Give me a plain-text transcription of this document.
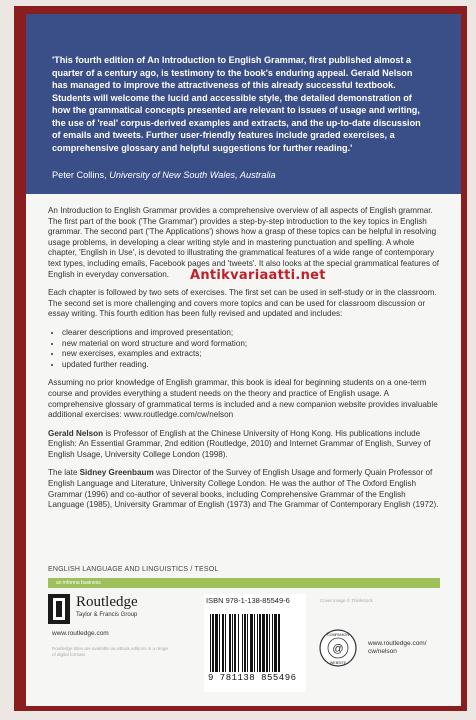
'This fourth edition of An Introduction to English Grammar, first published almost a
quarter of a century ago, is testimony to the book's enduring appeal. Gerald Nelson
has managed to improve the attractiveness of this already successful textbook.
Students will welcome the lucid and accessible style, the detailed demonstration of
how the grammatical concepts presented are relevant to issues of usage and writing,
the use of 'real' corpus-derived examples and extracts, and the up-to-date discussion
of emails and tweets. Further user-friendly features include graded exercises, a
comprehensive glossary and helpful suggestions for further reading.'
Peter Collins, University of New South Wales, Australia

An Introduction to English Grammar provides a comprehensive overview of all aspects of English grammar. The first part of the book ('The Grammar') provides a step-by-step introduction to the key topics in English grammar. The second part ('The Applications') shows how a grasp of these topics can be helpful in resolving usage problems, in developing a clear writing style and in mastering punctuation and spelling. A whole chapter, 'English in Use', is devoted to illustrating the grammatical features of a wide range of contemporary text types, including emails, Facebook pages and 'tweets'. It also looks at the special grammatical features of English in everyday conversation.

Each chapter is followed by two sets of exercises. The first set can be used in self-study or in the classroom. The second set is more challenging and covers more topics and can be used for classroom discussion or essay writing. This fourth edition has been fully revised and updated and includes:

• clearer descriptions and improved presentation;
• new material on word structure and word formation;
• new exercises, examples and extracts;
• updated further reading.

Assuming no prior knowledge of English grammar, this book is ideal for beginning students on a one-term course and provides everything a student needs on the theory and practice of English usage. A comprehensive glossary of grammatical terms is included and a new companion website provides invaluable additional exercises: www.routledge.com/cw/nelson

Gerald Nelson is Professor of English at the Chinese University of Hong Kong. His publications include English: An Essential Grammar, 2nd edition (Routledge, 2010) and Internet Grammar of English, Survey of English Usage, University College London (1998).

The late Sidney Greenbaum was Director of the Survey of English Usage and formerly Quain Professor of English Language and Literature, University College London. He was the author of The Oxford English Grammar (1996) and co-author of several books, including Comprehensive Grammar of the English Language (1985), University Grammar of English (1973) and The Grammar of Contemporary English (1972).

Antikvariaatti.net
ENGLISH LANGUAGE AND LINGUISTICS / TESOL
an informa business
Routledge
Taylor & Francis Group
www.routledge.com
Routledge titles are available as eBook editions in a range of digital formats
ISBN 978-1-138-85549-6
9 781138 855496
Cover image © Thinkstock
@
COMPANION
WEBSITE
www.routledge.com/
cw/nelson
